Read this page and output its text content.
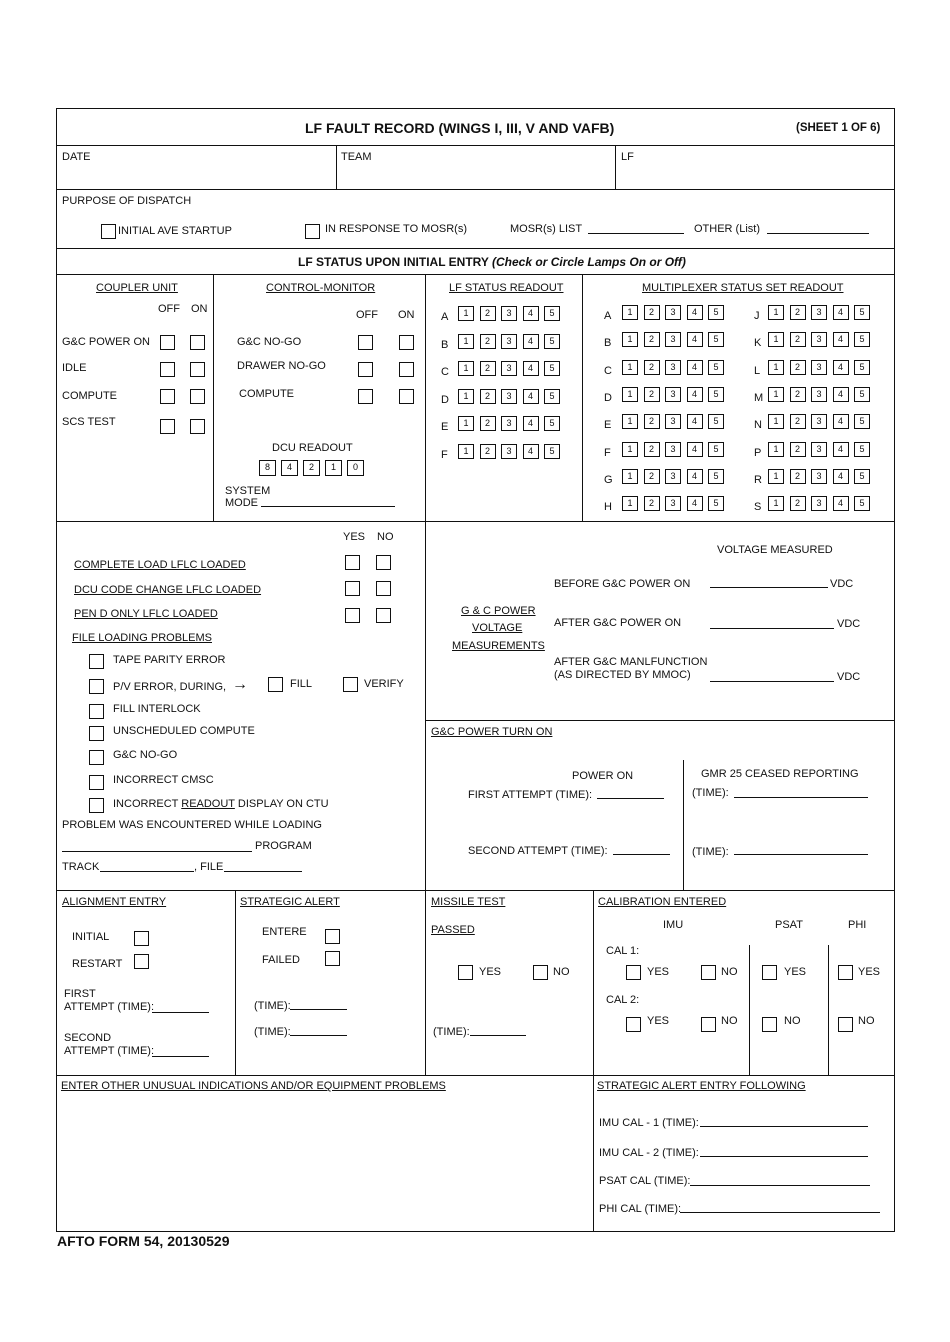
LF FAULT RECORD (WINGS I, III, V AND VAFB)	(SHEET 1 OF 6)
DATE	TEAM	LF
PURPOSE OF DISPATCH
INITIAL AVE STARTUP	IN RESPONSE TO MOSR(s)	MOSR(s) LIST	OTHER (List)
LF STATUS UPON INITIAL ENTRY (Check or Circle Lamps On or Off)
COUPLER UNIT
OFF ON
G&C POWER ON
IDLE
COMPUTE
SCS TEST
CONTROL-MONITOR
OFF ON
G&C NO-GO
DRAWER NO-GO
COMPUTE
DCU READOUT
8	4	2	1	0
SYSTEM
MODE
LF STATUS READOUT
A	1	2	3	4	5
B	1	2	3	4	5
C	1	2	3	4	5
D	1	2	3	4	5
E	1	2	3	4	5
F	1	2	3	4	5
MULTIPLEXER STATUS SET READOUT
A	1	2	3	4	5
B	1	2	3	4	5
C	1	2	3	4	5
D	1	2	3	4	5
E	1	2	3	4	5
F	1	2	3	4	5
G	1	2	3	4	5
H	1	2	3	4	5
J	1	2	3	4	5
K	1	2	3	4	5
L	1	2	3	4	5
M	1	2	3	4	5
N	1	2	3	4	5
P	1	2	3	4	5
R	1	2	3	4	5
S	1	2	3	4	5
YES NO
COMPLETE LOAD LFLC LOADED
DCU CODE CHANGE LFLC LOADED
PEN D ONLY LFLC LOADED
FILE LOADING PROBLEMS
TAPE PARITY ERROR
P/V ERROR, DURING, →	FILL	VERIFY
FILL INTERLOCK
UNSCHEDULED COMPUTE
G&C NO-GO
INCORRECT CMSC
INCORRECT READOUT DISPLAY ON CTU
PROBLEM WAS ENCOUNTERED WHILE LOADING
PROGRAM
TRACK	, FILE
VOLTAGE MEASURED
G & C POWER
VOLTAGE
MEASUREMENTS
BEFORE G&C POWER ON	VDC
AFTER G&C POWER ON	VDC
AFTER G&C MANLFUNCTION
(AS DIRECTED BY MMOC)	VDC
G&C POWER TURN ON
POWER ON
FIRST ATTEMPT (TIME):
SECOND ATTEMPT (TIME):
GMR 25 CEASED REPORTING
(TIME):
(TIME):
ALIGNMENT ENTRY
INITIAL
RESTART
FIRST
ATTEMPT (TIME):
SECOND
ATTEMPT (TIME):
STRATEGIC ALERT
ENTERE
FAILED
(TIME):
(TIME):
MISSILE TEST
PASSED
YES	NO
(TIME):
CALIBRATION ENTERED
IMU	PSAT	PHI
CAL 1:
CAL 2:
YES	NO	YES	YES
YES	NO	NO	NO
ENTER OTHER UNUSUAL INDICATIONS AND/OR EQUIPMENT PROBLEMS	STRATEGIC ALERT ENTRY FOLLOWING
IMU CAL - 1 (TIME):
IMU CAL - 2 (TIME):
PSAT CAL (TIME):
PHI CAL (TIME):
AFTO FORM 54, 20130529
